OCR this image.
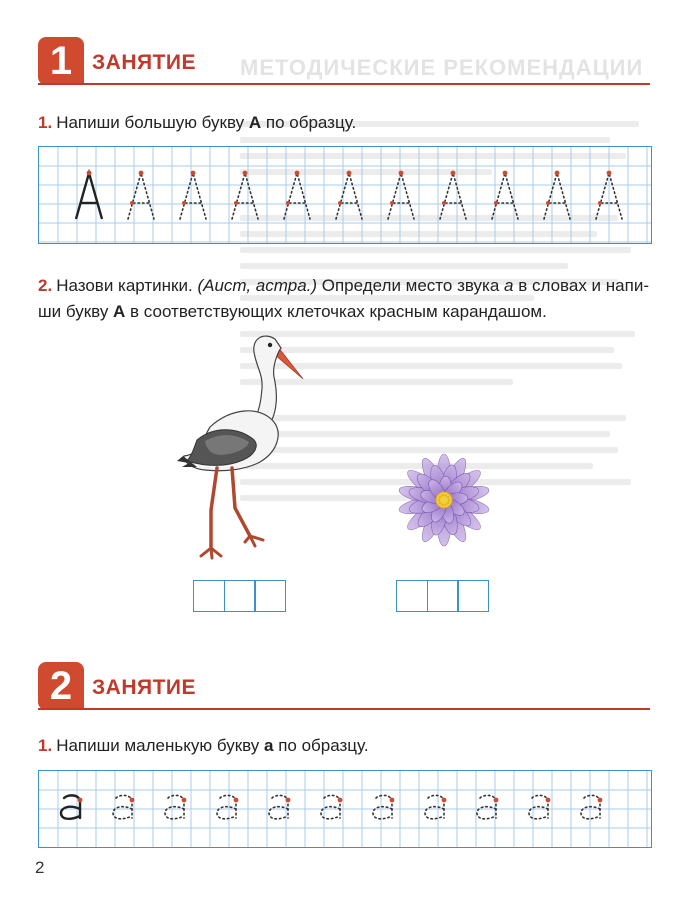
МЕТОДИЧЕСКИЕ РЕКОМЕНДАЦИИ
1 ЗАНЯТИЕ
1. Напиши большую букву А по образцу.
2. Назови картинки. (Аист, астра.) Определи место звука а в словах и напи-
ши букву А в соответствующих клеточках красным карандашом.
2 ЗАНЯТИЕ
1. Напиши маленькую букву а по образцу.
2
